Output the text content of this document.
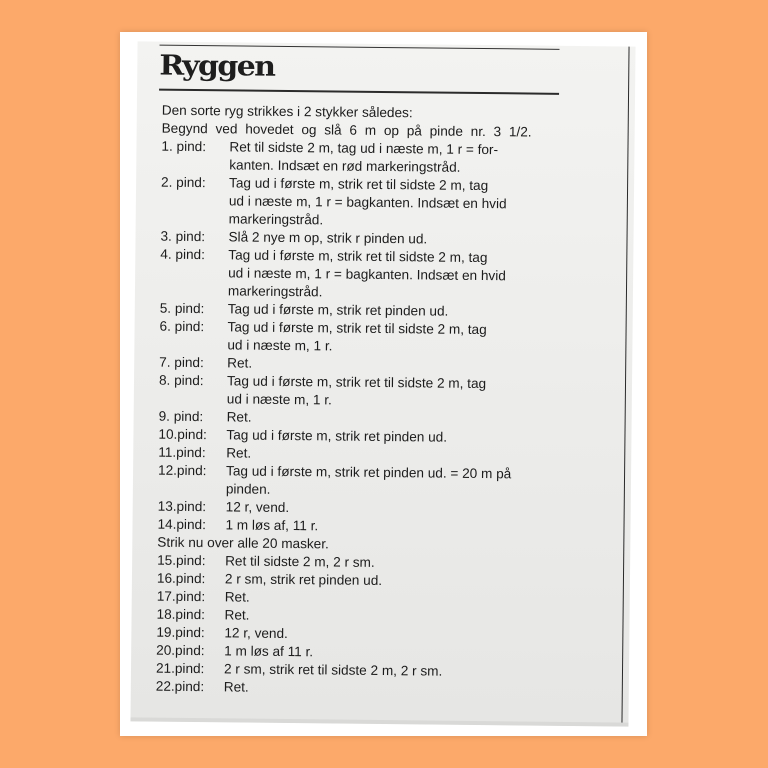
Ryggen
Den sorte ryg strikkes i 2 stykker således:
Begynd ved hovedet og slå 6 m op på pinde nr. 3 1/2.
1. pind:	Ret til sidste 2 m, tag ud i næste m, 1 r = for-
kanten. Indsæt en rød markeringstråd.
2. pind:	Tag ud i første m, strik ret til sidste 2 m, tag
ud i næste m, 1 r = bagkanten. Indsæt en hvid
markeringstråd.
3. pind:	Slå 2 nye m op, strik r pinden ud.
4. pind:	Tag ud i første m, strik ret til sidste 2 m, tag
ud i næste m, 1 r = bagkanten. Indsæt en hvid
markeringstråd.
5. pind:	Tag ud i første m, strik ret pinden ud.
6. pind:	Tag ud i første m, strik ret til sidste 2 m, tag
ud i næste m, 1 r.
7. pind:	Ret.
8. pind:	Tag ud i første m, strik ret til sidste 2 m, tag
ud i næste m, 1 r.
9. pind:	Ret.
10.pind:	Tag ud i første m, strik ret pinden ud.
11.pind:	Ret.
12.pind:	Tag ud i første m, strik ret pinden ud. = 20 m på
pinden.
13.pind:	12 r, vend.
14.pind:	1 m løs af, 11 r.
Strik nu over alle 20 masker.
15.pind:	Ret til sidste 2 m, 2 r sm.
16.pind:	2 r sm, strik ret pinden ud.
17.pind:	Ret.
18.pind:	Ret.
19.pind:	12 r, vend.
20.pind:	1 m løs af 11 r.
21.pind:	2 r sm, strik ret til sidste 2 m, 2 r sm.
22.pind:	Ret.
